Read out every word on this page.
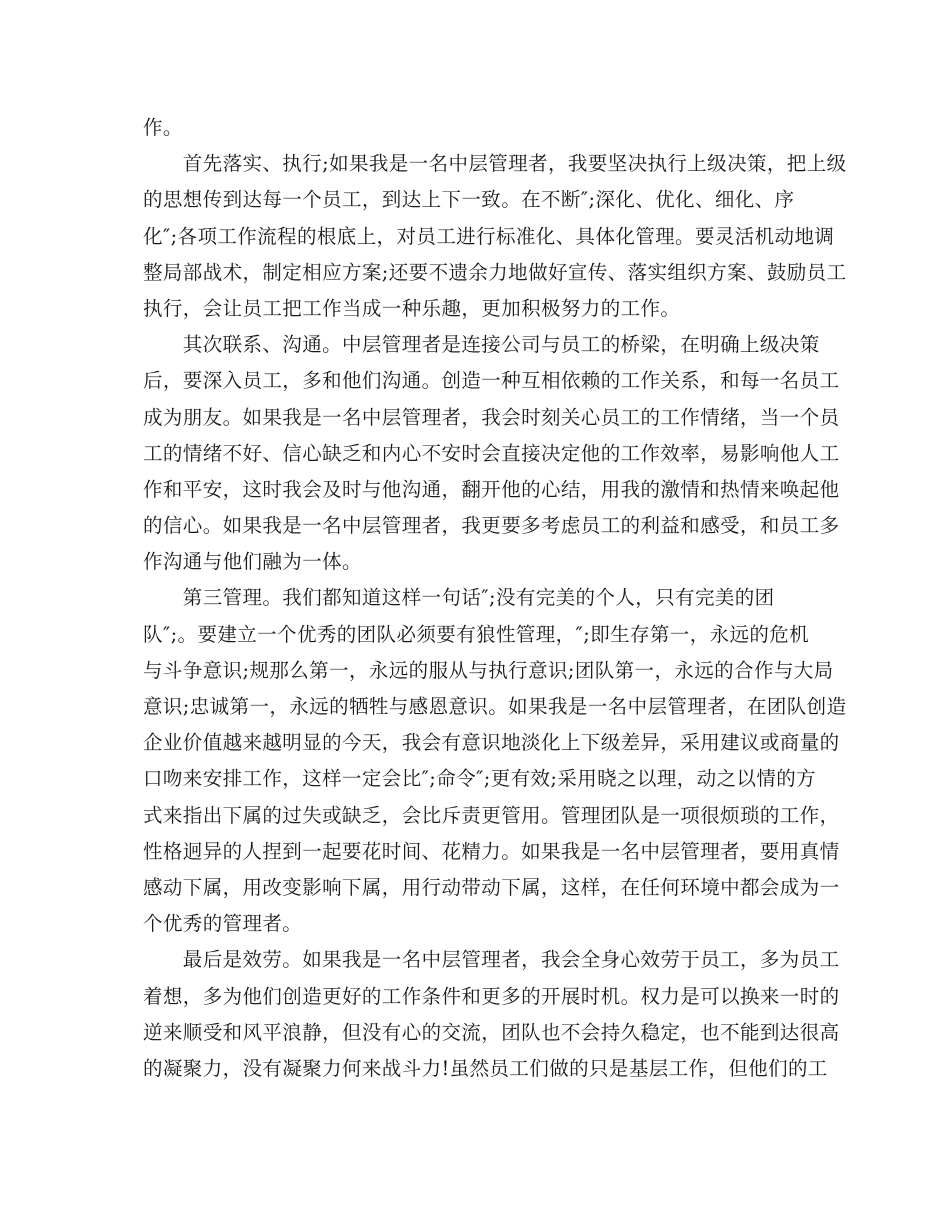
作。

　　首先落实、执行;如果我是一名中层管理者，我要坚决执行上级决策，把上级

的思想传到达每一个员工，到达上下一致。在不断″;深化、优化、细化、序

化″;各项工作流程的根底上，对员工进行标准化、具体化管理。要灵活机动地调

整局部战术，制定相应方案;还要不遗余力地做好宣传、落实组织方案、鼓励员工

执行，会让员工把工作当成一种乐趣，更加积极努力的工作。

　　其次联系、沟通。中层管理者是连接公司与员工的桥梁，在明确上级决策

后，要深入员工，多和他们沟通。创造一种互相依赖的工作关系，和每一名员工

成为朋友。如果我是一名中层管理者，我会时刻关心员工的工作情绪，当一个员

工的情绪不好、信心缺乏和内心不安时会直接决定他的工作效率，易影响他人工

作和平安，这时我会及时与他沟通，翻开他的心结，用我的激情和热情来唤起他

的信心。如果我是一名中层管理者，我更要多考虑员工的利益和感受，和员工多

作沟通与他们融为一体。

　　第三管理。我们都知道这样一句话″;没有完美的个人，只有完美的团

队″;。要建立一个优秀的团队必须要有狼性管理，″;即生存第一，永远的危机

与斗争意识;规那么第一，永远的服从与执行意识;团队第一，永远的合作与大局

意识;忠诚第一，永远的牺牲与感恩意识。如果我是一名中层管理者，在团队创造

企业价值越来越明显的今天，我会有意识地淡化上下级差异，采用建议或商量的

口吻来安排工作，这样一定会比″;命令″;更有效;采用晓之以理，动之以情的方

式来指出下属的过失或缺乏，会比斥责更管用。管理团队是一项很烦琐的工作，

性格迥异的人捏到一起要花时间、花精力。如果我是一名中层管理者，要用真情

感动下属，用改变影响下属，用行动带动下属，这样，在任何环境中都会成为一

个优秀的管理者。

　　最后是效劳。如果我是一名中层管理者，我会全身心效劳于员工，多为员工

着想，多为他们创造更好的工作条件和更多的开展时机。权力是可以换来一时的

逆来顺受和风平浪静，但没有心的交流，团队也不会持久稳定，也不能到达很高

的凝聚力，没有凝聚力何来战斗力!虽然员工们做的只是基层工作，但他们的工
